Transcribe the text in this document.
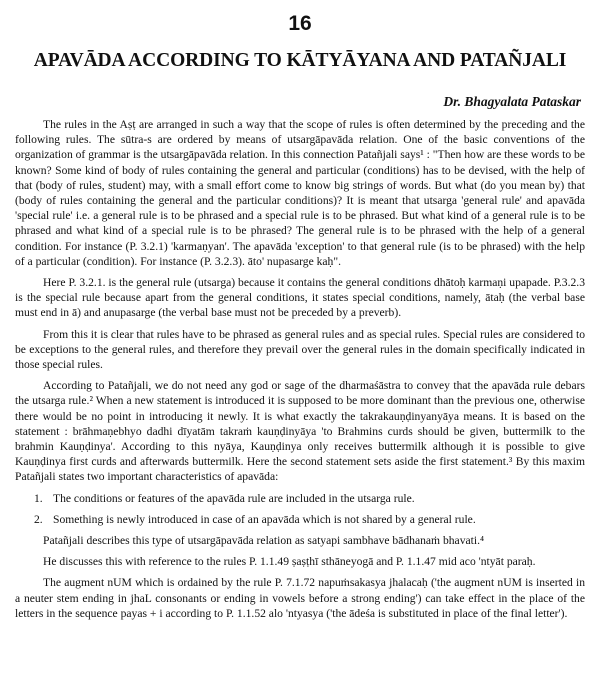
16
APAVĀDA ACCORDING TO KĀTYĀYANA AND PATAÑJALI
Dr. Bhagyalata Pataskar

The rules in the Aṣṭ are arranged in such a way that the scope of rules is often determined by the preceding and the following rules. The sūtra-s are ordered by means of utsargāpavāda relation. One of the basic conventions of the organization of grammar is the utsargāpavāda relation. In this connection Patañjali says¹ : "Then how are these words to be known? Some kind of body of rules containing the general and particular (conditions) has to be devised, with the help of that (body of rules, student) may, with a small effort come to know big strings of words. But what (do you mean by) that (body of rules containing the general and the particular conditions)? It is meant that utsarga 'general rule' and apavāda 'special rule' i.e. a general rule is to be phrased and a special rule is to be phrased. But what kind of a general rule is to be phrased and what kind of a special rule is to be phrased? The general rule is to be phrased with the help of a general condition. For instance (P. 3.2.1) 'karmaṇyan'. The apavāda 'exception' to that general rule (is to be phrased) with the help of a particular (condition). For instance (P. 3.2.3). āto' nupasarge kaḥ".

Here P. 3.2.1. is the general rule (utsarga) because it contains the general conditions dhātoḥ karmaṇi upapade. P.3.2.3 is the special rule because apart from the general conditions, it states special conditions, namely, ātaḥ (the verbal base must end in ā) and anupasarge (the verbal base must not be preceded by a preverb).

From this it is clear that rules have to be phrased as general rules and as special rules. Special rules are considered to be exceptions to the general rules, and therefore they prevail over the general rules in the domain specifically indicated in those special rules.

According to Patañjali, we do not need any god or sage of the dharmaśāstra to convey that the apavāda rule debars the utsarga rule.² When a new statement is introduced it is supposed to be more dominant than the previous one, otherwise there would be no point in introducing it newly. It is what exactly the takrakauṇḍinyanyāya means. It is based on the statement : brāhmaṇebhyo dadhi dīyatām takraṁ kauṇḍinyāya 'to Brahmins curds should be given, buttermilk to the brahmin Kauṇḍinya'. According to this nyāya, Kauṇḍinya only receives buttermilk although it is possible to give Kauṇḍinya first curds and afterwards buttermilk. Here the second statement sets aside the first statement.³ By this maxim Patañjali states two important characteristics of apavāda:

1. The conditions or features of the apavāda rule are included in the utsarga rule.
2. Something is newly introduced in case of an apavāda which is not shared by a general rule.

Patañjali describes this type of utsargāpavāda relation as satyapi sambhave bādhanaṁ bhavati.⁴

He discusses this with reference to the rules P. 1.1.49 ṣaṣṭhī sthāneyogā and P. 1.1.47 mid aco 'ntyāt paraḥ.

The augment nUM which is ordained by the rule P. 7.1.72 napuṁsakasya jhalacaḥ ('the augment nUM is inserted in a neuter stem ending in jhaL consonants or ending in vowels before a strong ending') can take effect in the place of the letters in the sequence payas + i according to P. 1.1.52 alo 'ntyasya ('the ādeśa is substituted in place of the final letter').
